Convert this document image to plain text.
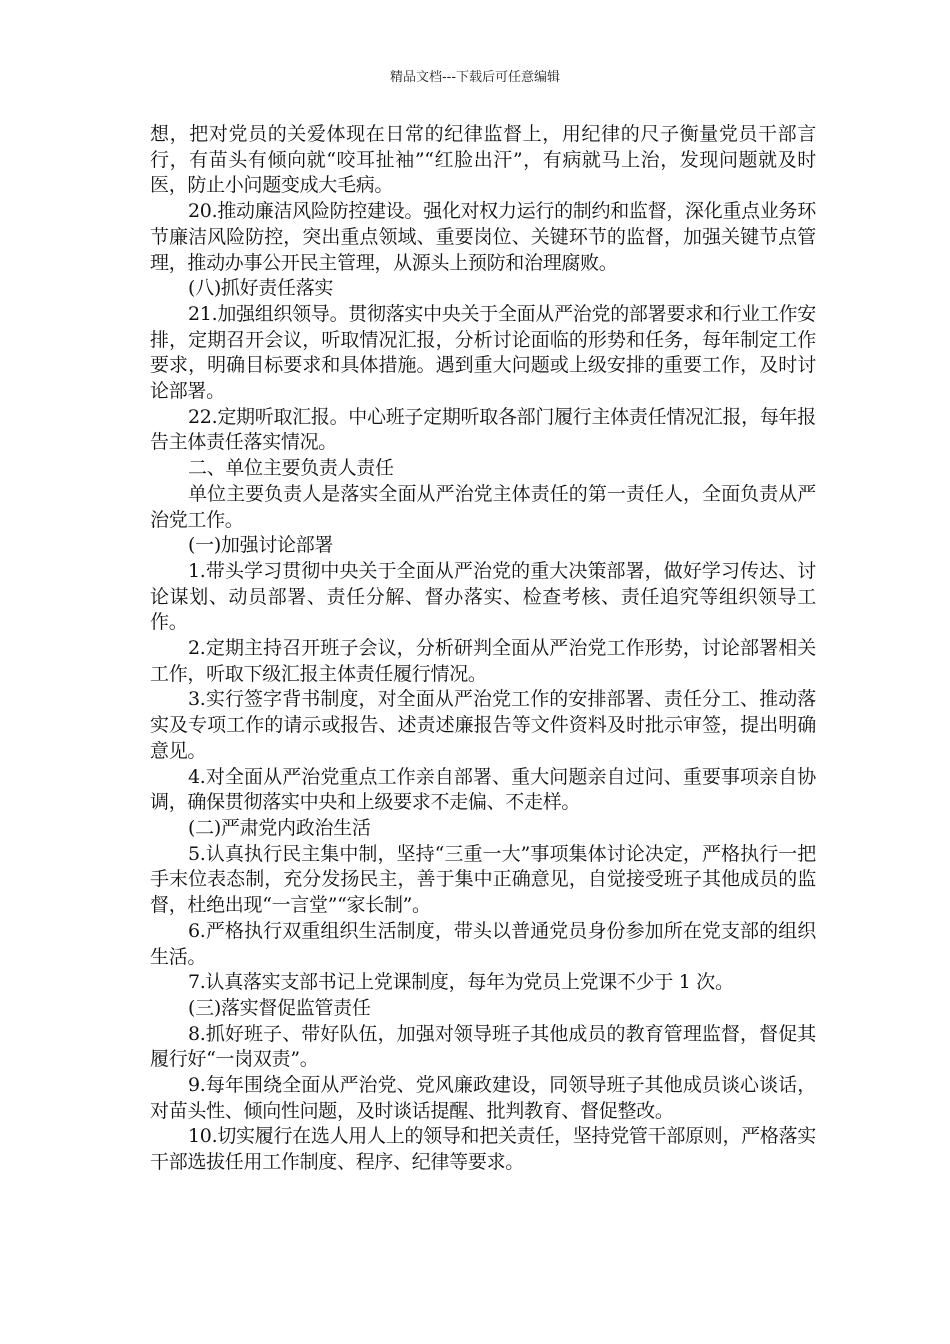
精品文档---下载后可任意编辑

想，把对党员的关爱体现在日常的纪律监督上，用纪律的尺子衡量党员干部言行，有苗头有倾向就“咬耳扯袖”“红脸出汗”，有病就马上治，发现问题就及时医，防止小问题变成大毛病。

20.推动廉洁风险防控建设。强化对权力运行的制约和监督，深化重点业务环节廉洁风险防控，突出重点领域、重要岗位、关键环节的监督，加强关键节点管理，推动办事公开民主管理，从源头上预防和治理腐败。

(八)抓好责任落实

21.加强组织领导。贯彻落实中央关于全面从严治党的部署要求和行业工作安排，定期召开会议，听取情况汇报，分析讨论面临的形势和任务，每年制定工作要求，明确目标要求和具体措施。遇到重大问题或上级安排的重要工作，及时讨论部署。

22.定期听取汇报。中心班子定期听取各部门履行主体责任情况汇报，每年报告主体责任落实情况。

二、单位主要负责人责任

单位主要负责人是落实全面从严治党主体责任的第一责任人，全面负责从严治党工作。

(一)加强讨论部署

1.带头学习贯彻中央关于全面从严治党的重大决策部署，做好学习传达、讨论谋划、动员部署、责任分解、督办落实、检查考核、责任追究等组织领导工作。

2.定期主持召开班子会议，分析研判全面从严治党工作形势，讨论部署相关工作，听取下级汇报主体责任履行情况。

3.实行签字背书制度，对全面从严治党工作的安排部署、责任分工、推动落实及专项工作的请示或报告、述责述廉报告等文件资料及时批示审签，提出明确意见。

4.对全面从严治党重点工作亲自部署、重大问题亲自过问、重要事项亲自协调，确保贯彻落实中央和上级要求不走偏、不走样。

(二)严肃党内政治生活

5.认真执行民主集中制，坚持“三重一大”事项集体讨论决定，严格执行一把手末位表态制，充分发扬民主，善于集中正确意见，自觉接受班子其他成员的监督，杜绝出现“一言堂”“家长制”。

6.严格执行双重组织生活制度，带头以普通党员身份参加所在党支部的组织生活。

7.认真落实支部书记上党课制度，每年为党员上党课不少于 1 次。

(三)落实督促监管责任

8.抓好班子、带好队伍，加强对领导班子其他成员的教育管理监督，督促其履行好“一岗双责”。

9.每年围绕全面从严治党、党风廉政建设，同领导班子其他成员谈心谈话，对苗头性、倾向性问题，及时谈话提醒、批判教育、督促整改。

10.切实履行在选人用人上的领导和把关责任，坚持党管干部原则，严格落实干部选拔任用工作制度、程序、纪律等要求。
